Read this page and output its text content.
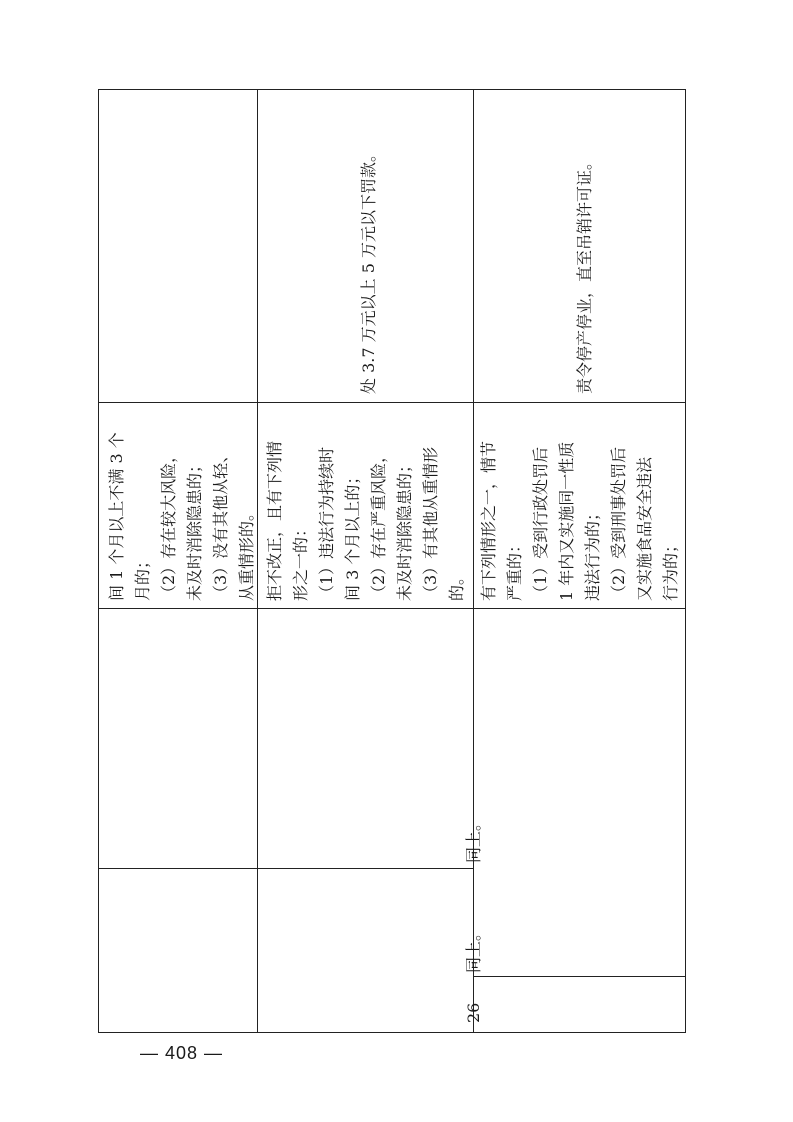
间 1 个月以上不满 3 个 月的； （2）存在较大风险， 未及时消除隐患的； （3）没有其他从轻、 从重情形的。 拒不改正，且有下列情 形之一的： （1）违法行为持续时 间 3 个月以上的； （2）存在严重风险， 未及时消除隐患的； （3）有其他从重情形 的。 有下列情形之一，情节 严重的： （1）受到行政处罚后 1 年内又实施同一性质 违法行为的； （2）受到刑事处罚后 又实施食品安全违法 行为的；
处 3.7 万元以上 5 万元以下罚款。	责令停产停业，直至吊销许可证。
同上。
同上。
26
— 408 —
